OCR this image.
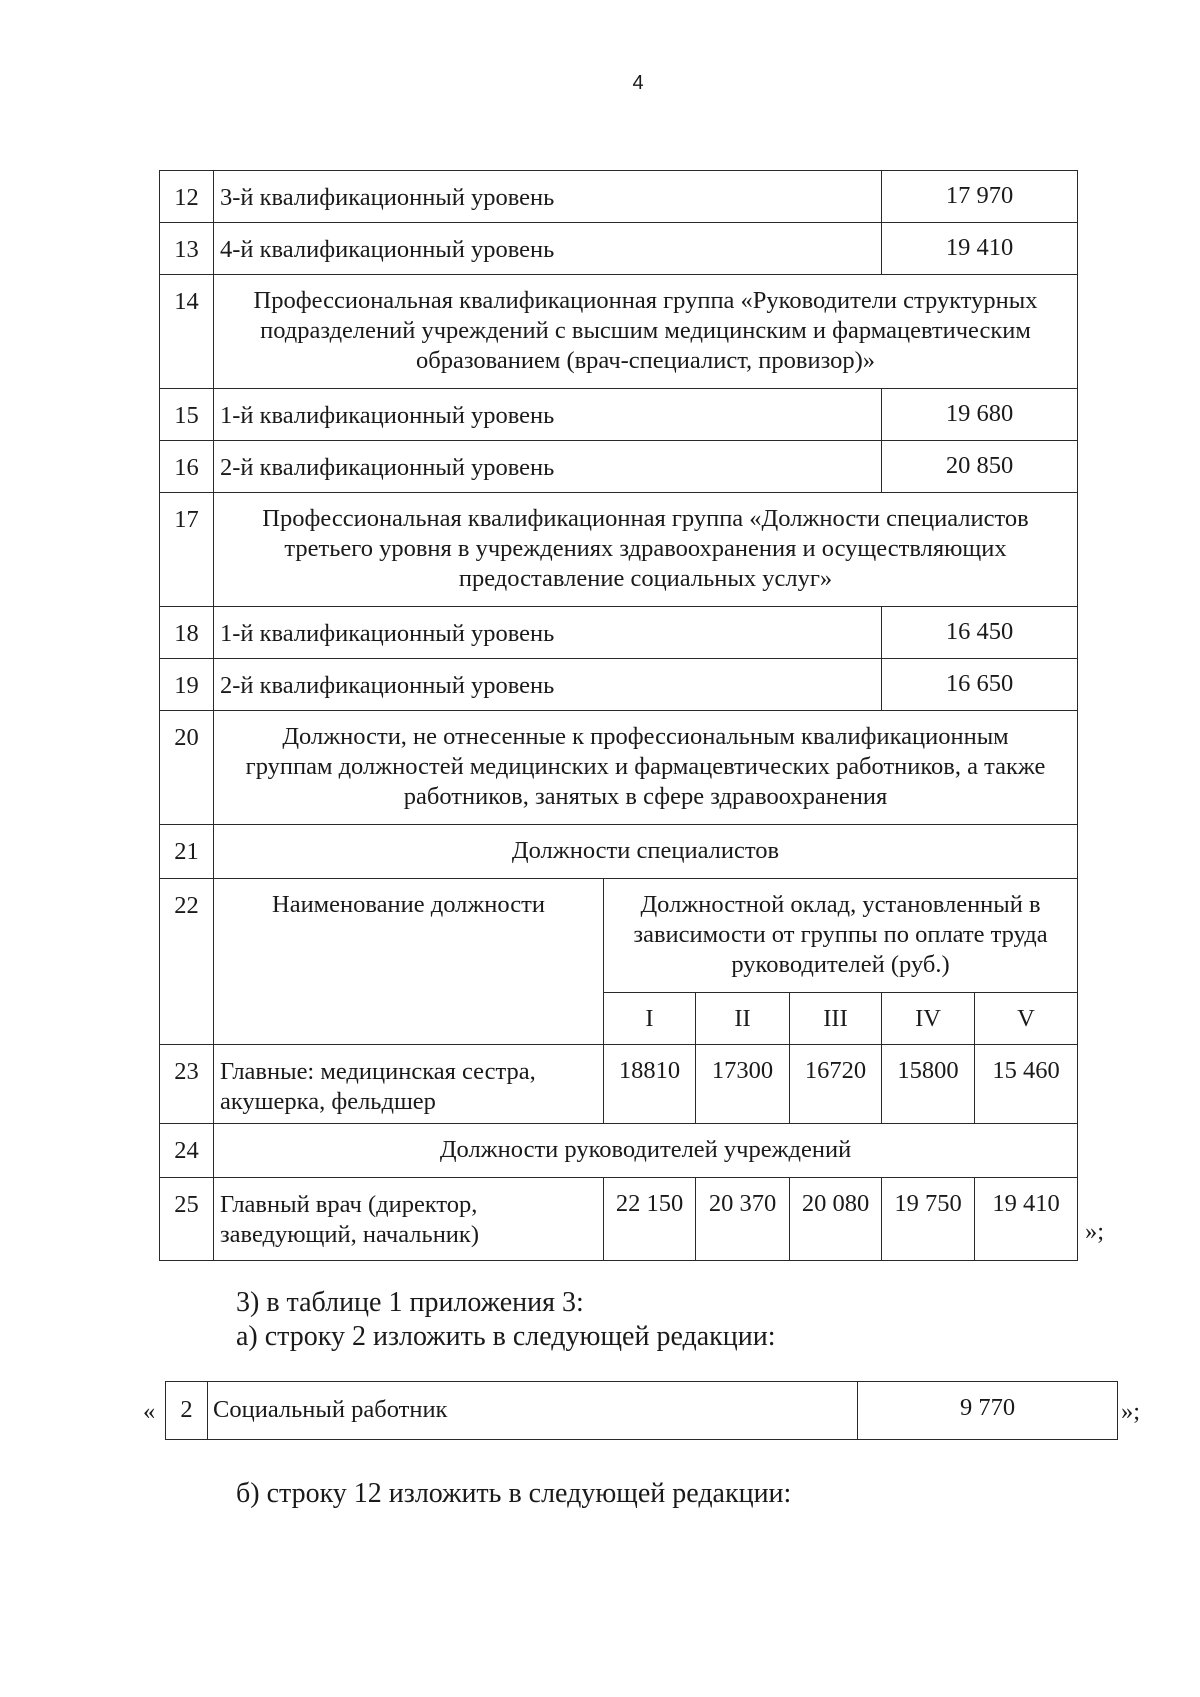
4
12	3-й квалификационный уровень				17 970	
13	4-й квалификационный уровень				19 410	
14	Профессиональная квалификационная группа «Руководители структурных подразделений учреждений с высшим медицинским и фармацевтическим образованием (врач-специалист, провизор)»					
15	1-й квалификационный уровень				19 680	
16	2-й квалификационный уровень				20 850	
17	Профессиональная квалификационная группа «Должности специалистов третьего уровня в учреждениях здравоохранения и осуществляющих предоставление социальных услуг»					
18	1-й квалификационный уровень				16 450	
19	2-й квалификационный уровень				16 650	
20	Должности, не отнесенные к профессиональным квалификационным группам должностей медицинских и фармацевтических работников, а также работников, занятых в сфере здравоохранения					
21	Должности специалистов					
22	Наименование должности	Должностной оклад, установленный в зависимости от группы по оплате труда руководителей (руб.)				
		I	II	III	IV	V
23	Главные: медицинская сестра, акушерка, фельдшер	18810	17300	16720	15800	15 460
24	Должности руководителей учреждений					
25	Главный врач (директор, заведующий, начальник)	22 150	20 370	20 080	19 750	19 410
»;
3) в таблице 1 приложения 3:
а) строку 2 изложить в следующей редакции:
« 2	Социальный работник	9 770	»;
б) строку 12 изложить в следующей редакции:
